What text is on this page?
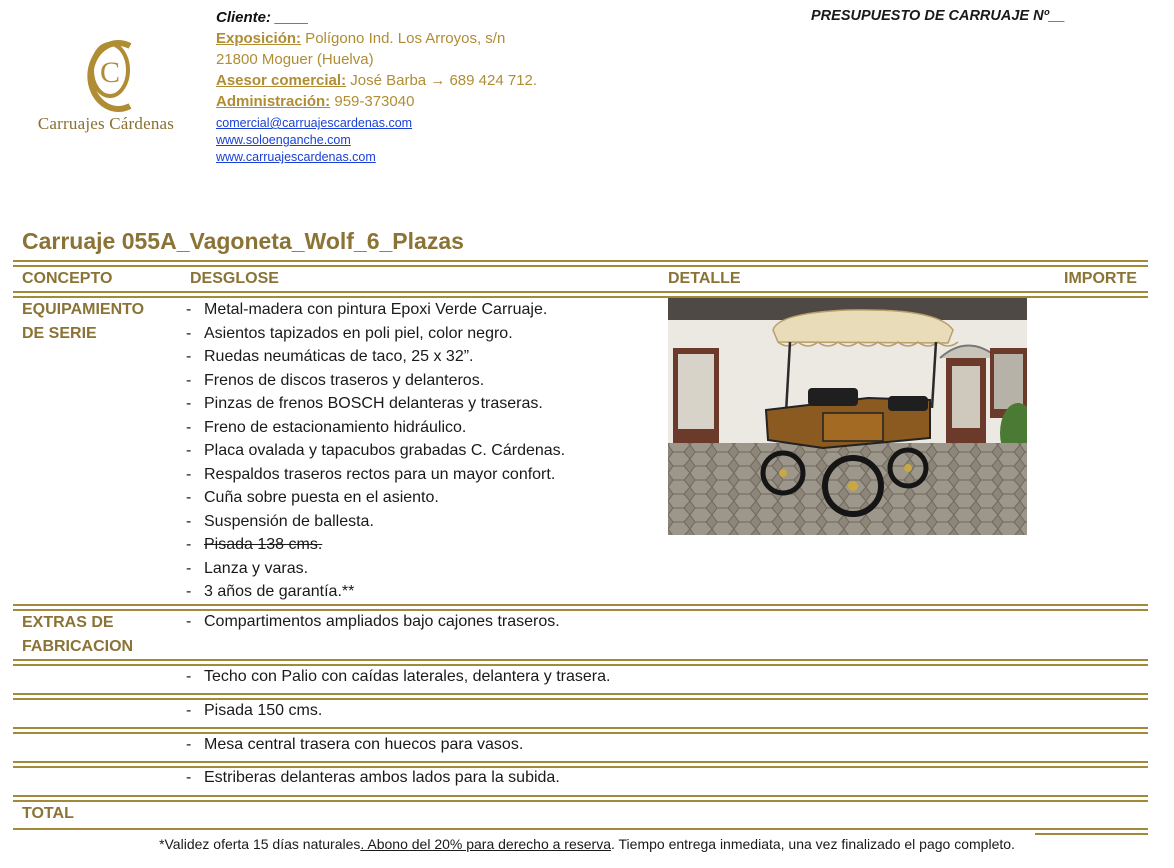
C
Carruajes Cárdenas
Cliente: ____
Exposición: Polígono Ind. Los Arroyos, s/n
21800 Moguer (Huelva)
Asesor comercial: José Barba → 689 424 712.
Administración: 959-373040
comercial@carruajescardenas.com
www.soloenganche.com
www.carruajescardenas.com
PRESUPUESTO DE CARRUAJE Nº__
Carruaje 055A_Vagoneta_Wolf_6_Plazas
CONCEPTO	DESGLOSE	DETALLE	IMPORTE
EQUIPAMIENTO
DE SERIE
- Metal-madera con pintura Epoxi Verde Carruaje.
- Asientos tapizados en poli piel, color negro.
- Ruedas neumáticas de taco, 25 x 32”.
- Frenos de discos traseros y delanteros.
- Pinzas de frenos BOSCH delanteras y traseras.
- Freno de estacionamiento hidráulico.
- Placa ovalada y tapacubos grabadas C. Cárdenas.
- Respaldos traseros rectos para un mayor confort.
- Cuña sobre puesta en el asiento.
- Suspensión de ballesta.
- Pisada 138 cms.
- Lanza y varas.
- 3 años de garantía.**
EXTRAS DE
FABRICACION
- Compartimentos ampliados bajo cajones traseros.
- Techo con Palio con caídas laterales, delantera y trasera.
- Pisada 150 cms.
- Mesa central trasera con huecos para vasos.
- Estriberas delanteras ambos lados para la subida.
TOTAL
*Validez oferta 15 días naturales. Abono del 20% para derecho a reserva. Tiempo entrega inmediata, una vez finalizado el pago completo.
